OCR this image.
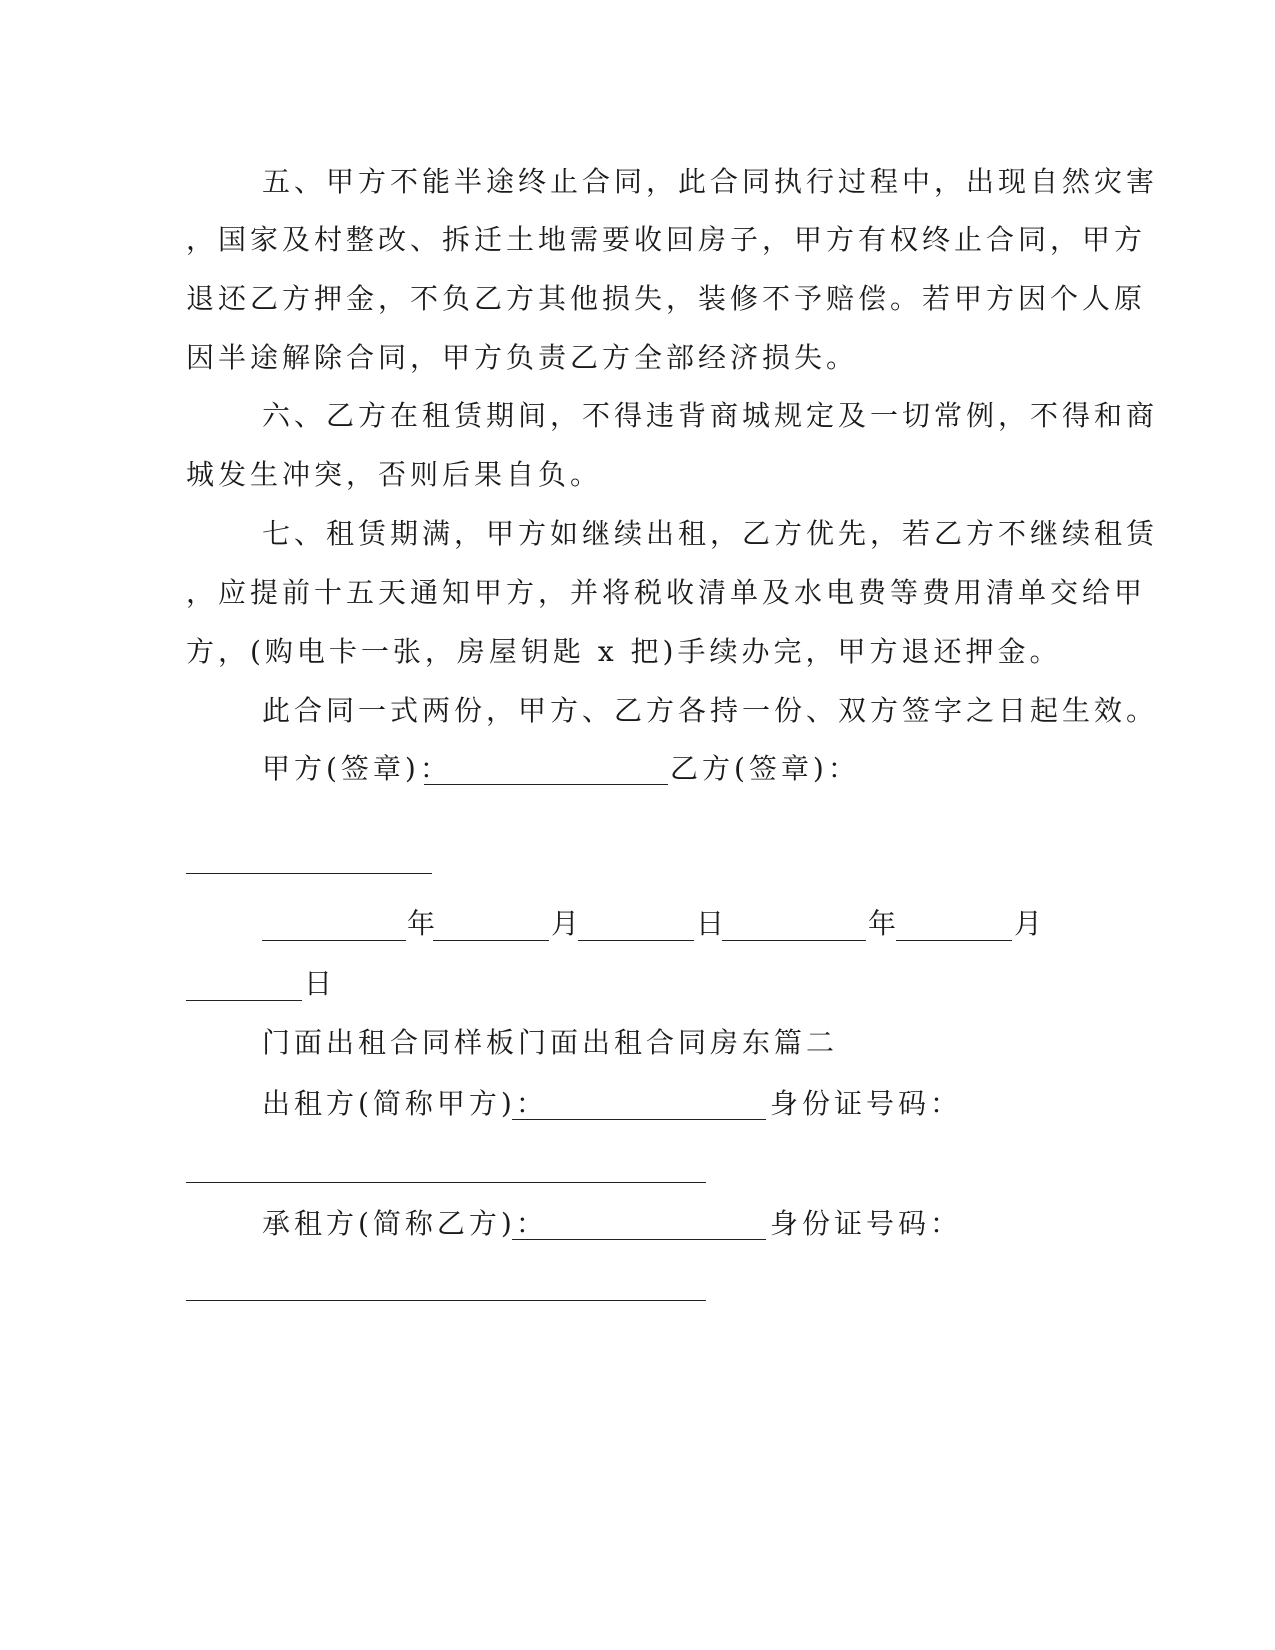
五、甲方不能半途终止合同，此合同执行过程中，出现自然灾害
，国家及村整改、拆迁土地需要收回房子，甲方有权终止合同，甲方
退还乙方押金，不负乙方其他损失，装修不予赔偿。若甲方因个人原
因半途解除合同，甲方负责乙方全部经济损失。
六、乙方在租赁期间，不得违背商城规定及一切常例，不得和商
城发生冲突，否则后果自负。
七、租赁期满，甲方如继续出租，乙方优先，若乙方不继续租赁
，应提前十五天通知甲方，并将税收清单及水电费等费用清单交给甲
方，(购电卡一张，房屋钥匙 x 把)手续办完，甲方退还押金。
此合同一式两份，甲方、乙方各持一份、双方签字之日起生效。
甲方(签章)：	乙方(签章)：
年	月	日	年	月
日
门面出租合同样板门面出租合同房东篇二
出租方(简称甲方)：	身份证号码：
承租方(简称乙方)：	身份证号码：
